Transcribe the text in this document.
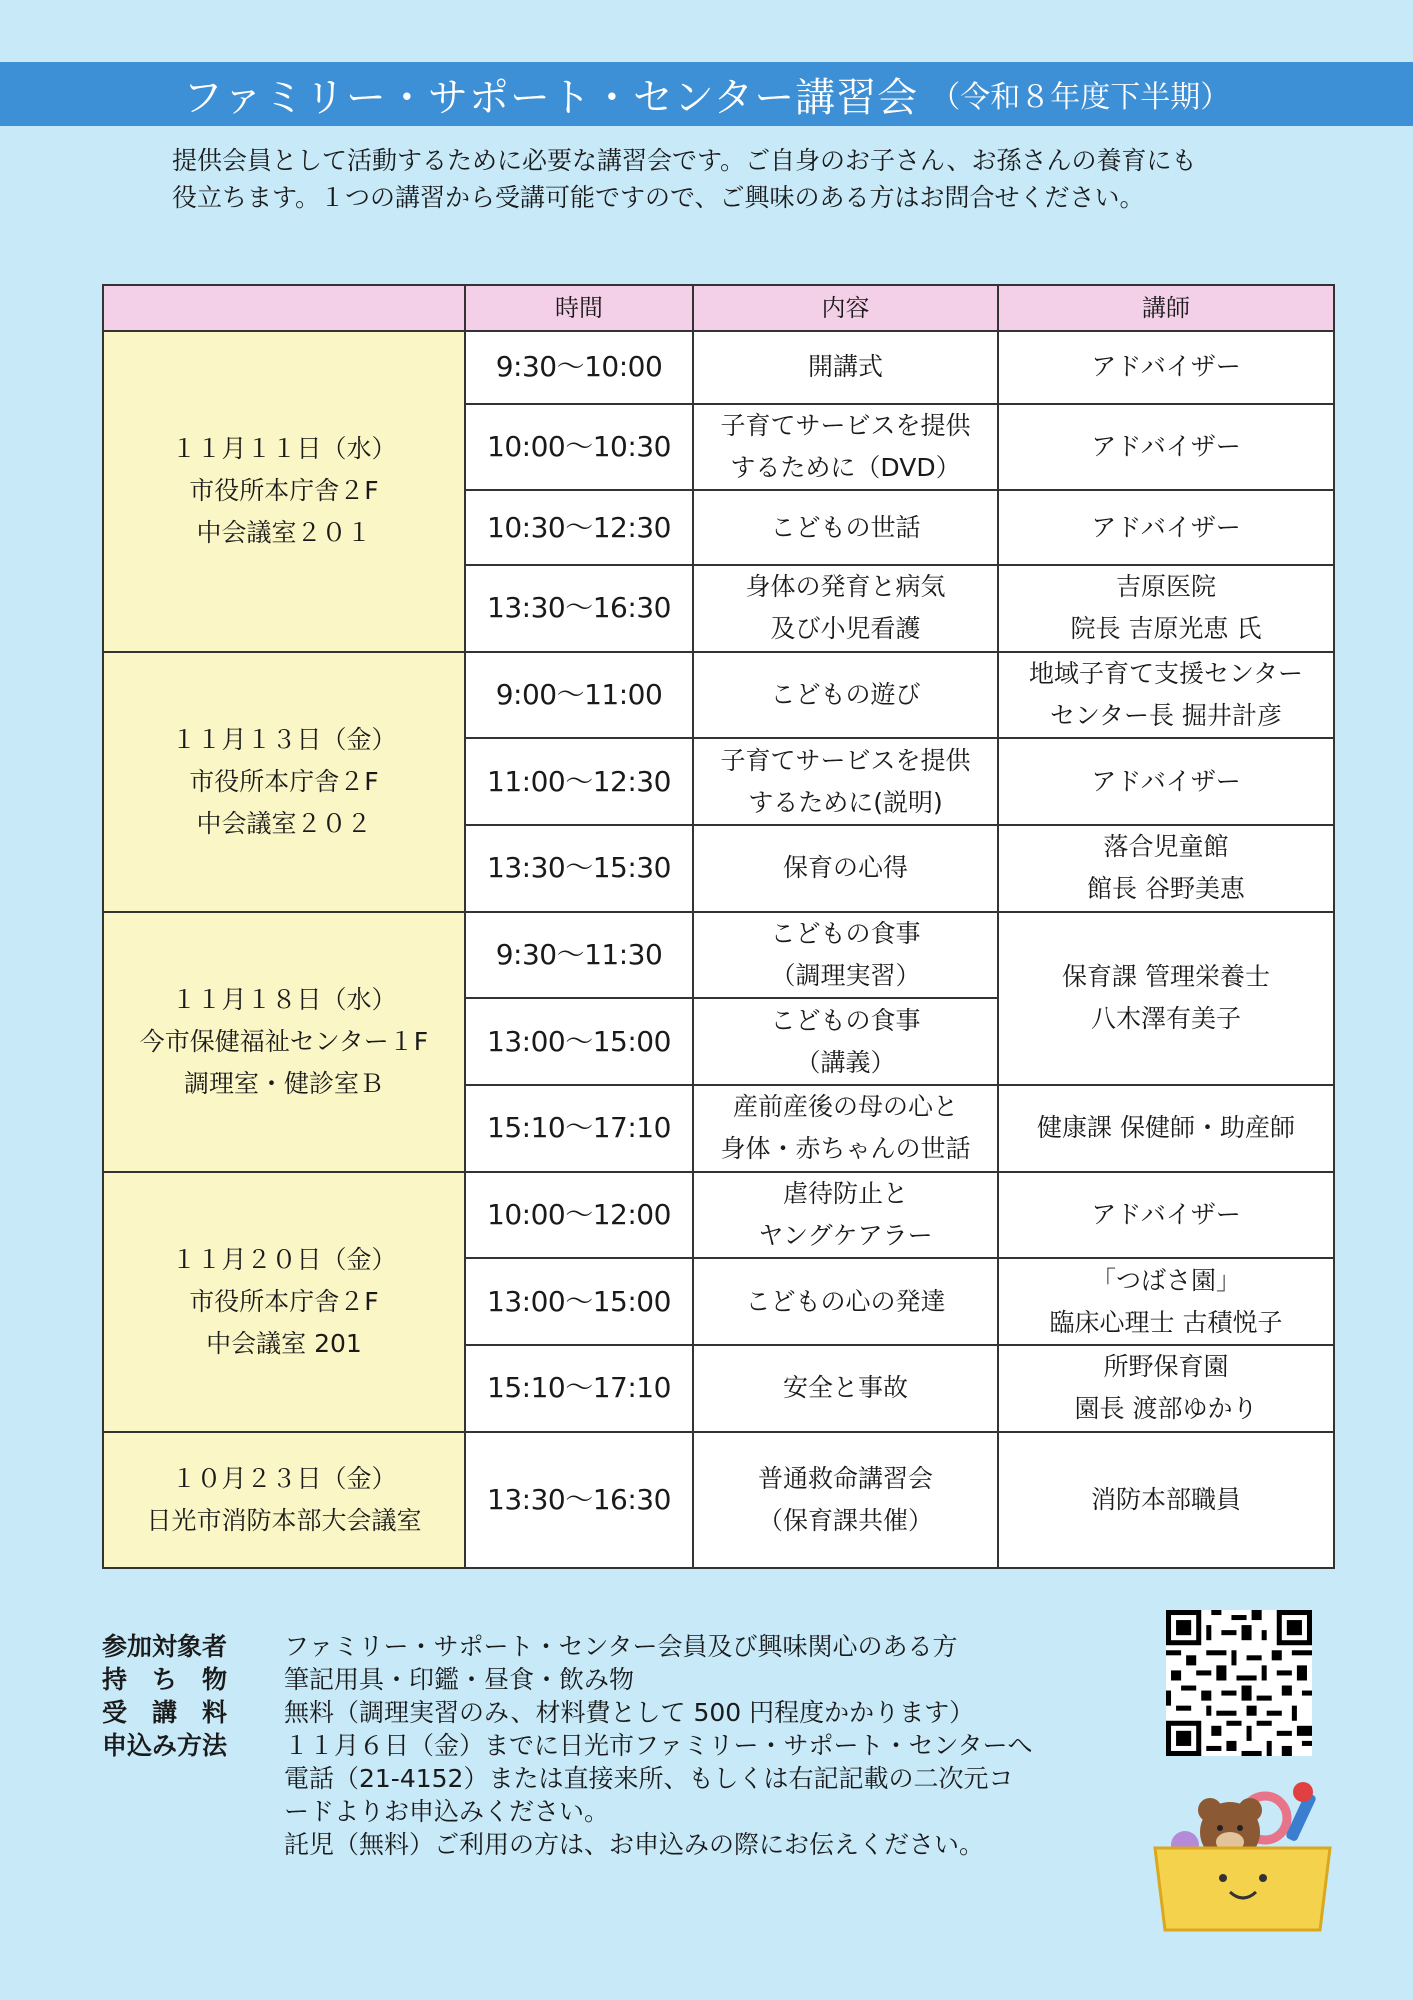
ファミリー・サポート・センター講習会 （令和８年度下半期）

提供会員として活動するために必要な講習会です。ご自身のお子さん、お孫さんの養育にも

役立ちます。１つの講習から受講可能ですので、ご興味のある方はお問合せください。

	時間	内容	講師

１１月１１日（水）
市役所本庁舎２F
中会議室２０１	9:30〜10:00	開講式	アドバイザー

	10:00〜10:30	子育てサービスを提供
するために（DVD）	アドバイザー

	10:30〜12:30	こどもの世話	アドバイザー

	13:30〜16:30	身体の発育と病気
及び小児看護	吉原医院
院長 吉原光恵 氏

１１月１３日（金）
市役所本庁舎２F
中会議室２０２	9:00〜11:00	こどもの遊び	地域子育て支援センター
センター長 掘井計彦

	11:00〜12:30	子育てサービスを提供
するために(説明)	アドバイザー

	13:30〜15:30	保育の心得	落合児童館
館長 谷野美恵

１１月１８日（水）
今市保健福祉センター１F
調理室・健診室Ｂ	9:30〜11:30	こどもの食事
（調理実習）	保育課 管理栄養士
八木澤有美子

	13:00〜15:00	こどもの食事
（講義）	

	15:10〜17:10	産前産後の母の心と
身体・赤ちゃんの世話	健康課 保健師・助産師

１１月２０日（金）
市役所本庁舎２F
中会議室 201	10:00〜12:00	虐待防止と
ヤングケアラー	アドバイザー

	13:00〜15:00	こどもの心の発達	「つばさ園」
臨床心理士 古積悦子

	15:10〜17:10	安全と事故	所野保育園
園長 渡部ゆかり

１０月２３日（金）
日光市消防本部大会議室	13:30〜16:30	普通救命講習会
（保育課共催）	消防本部職員
参加対象者	ファミリー・サポート・センター会員及び興味関心のある方
持　ち　物	筆記用具・印鑑・昼食・飲み物
受　講　料	無料（調理実習のみ、材料費として 500 円程度かかります）
申込み方法	１１月６日（金）までに日光市ファミリー・サポート・センターへ
電話（21-4152）または直接来所、もしくは右記記載の二次元コ
ードよりお申込みください。
託児（無料）ご利用の方は、お申込みの際にお伝えください。
